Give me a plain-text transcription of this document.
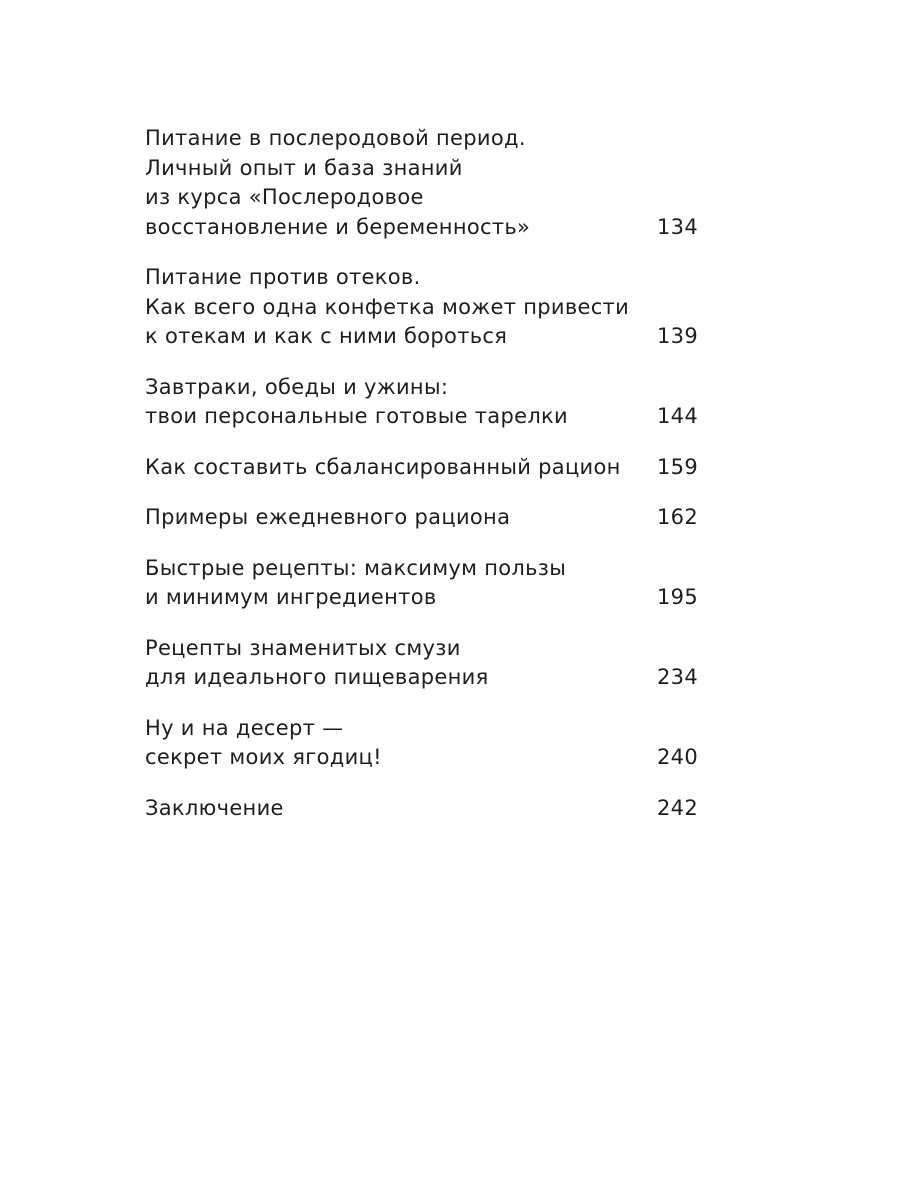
Питание в послеродовой период.
Личный опыт и база знаний
из курса «Послеродовое
восстановление и беременность»	134
Питание против отеков.
Как всего одна конфетка может привести
к отекам и как с ними бороться	139
Завтраки, обеды и ужины:
твои персональные готовые тарелки	144
Как составить сбалансированный рацион 159
Примеры ежедневного рациона	162
Быстрые рецепты: максимум пользы
и минимум ингредиентов	195
Рецепты знаменитых смузи
для идеального пищеварения	234
Ну и на десерт —
секрет моих ягодиц!	240
Заключение	242
